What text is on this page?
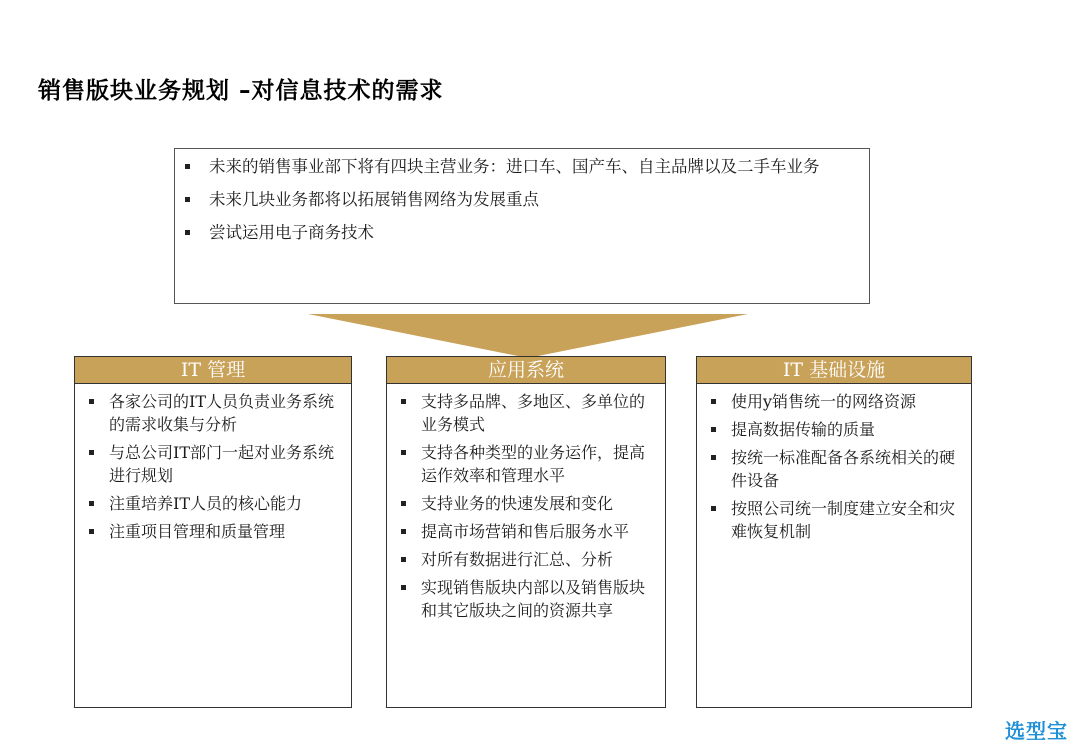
销售版块业务规划 –对信息技术的需求
未来的销售事业部下将有四块主营业务：进口车、国产车、自主品牌以及二手车业务
未来几块业务都将以拓展销售网络为发展重点
尝试运用电子商务技术
IT 管理
各家公司的IT人员负责业务系统的需求收集与分析
与总公司IT部门一起对业务系统进行规划
注重培养IT人员的核心能力
注重项目管理和质量管理
应用系统
支持多品牌、多地区、多单位的业务模式
支持各种类型的业务运作，提高运作效率和管理水平
支持业务的快速发展和变化
提高市场营销和售后服务水平
对所有数据进行汇总、分析
实现销售版块内部以及销售版块和其它版块之间的资源共享
IT 基础设施
使用y销售统一的网络资源
提高数据传输的质量
按统一标准配备各系统相关的硬件设备
按照公司统一制度建立安全和灾难恢复机制
选型宝
